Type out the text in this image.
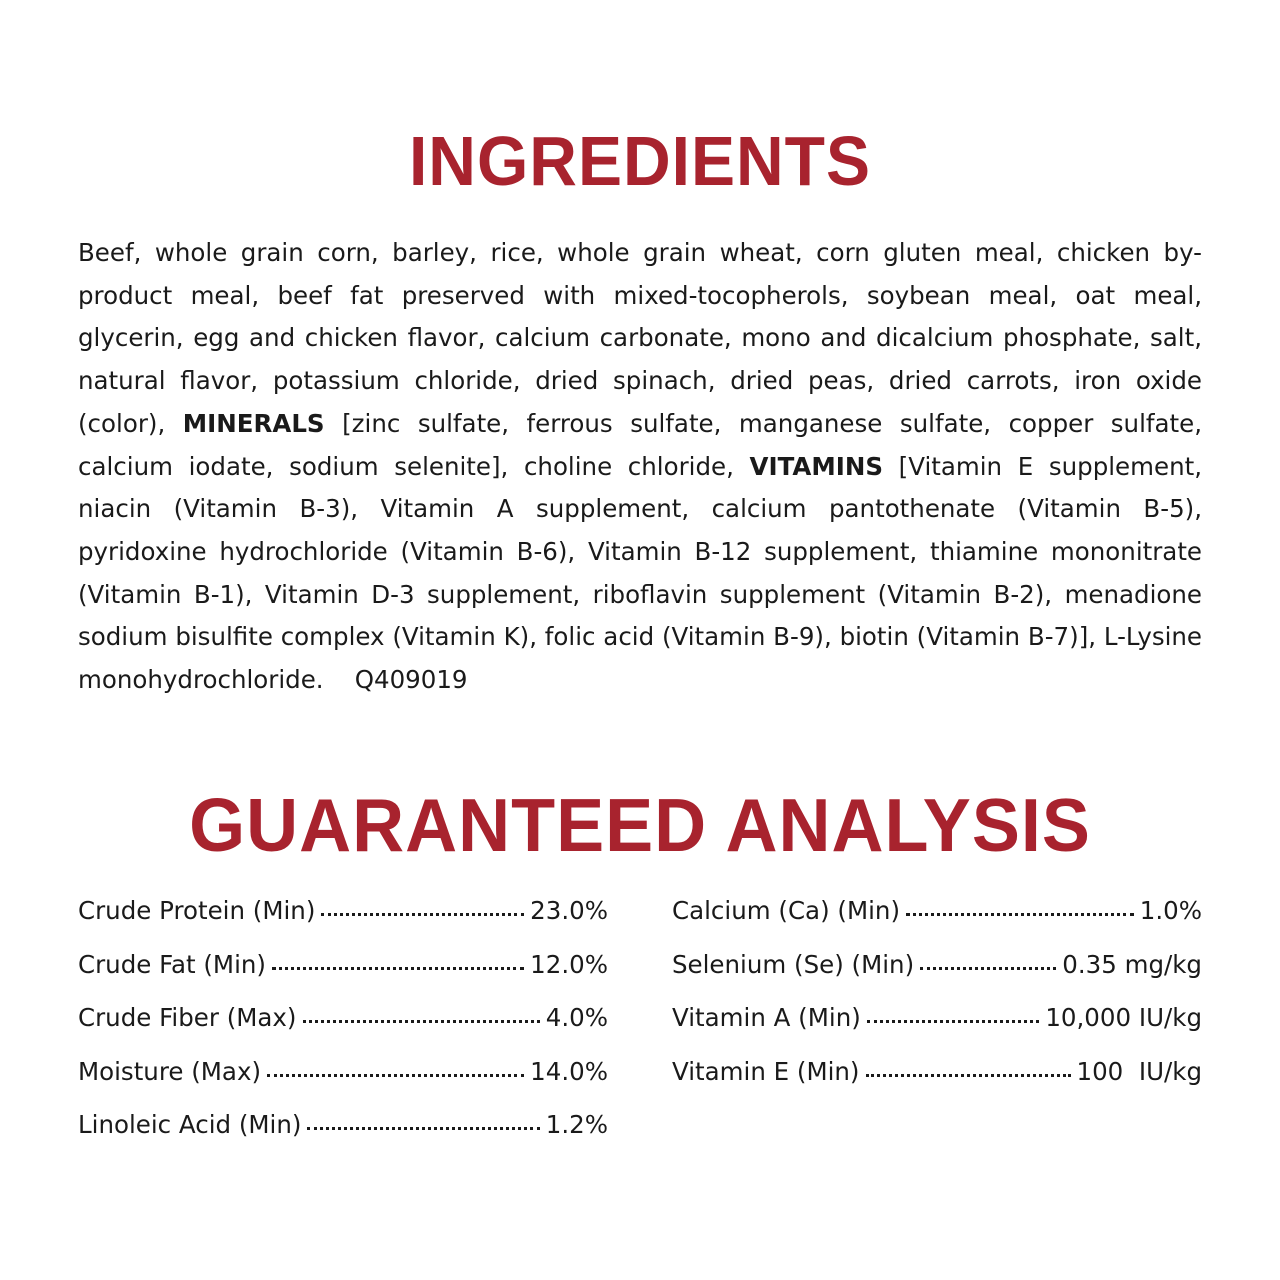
INGREDIENTS

Beef, whole grain corn, barley, rice, whole grain wheat, corn gluten meal, chicken by-product meal, beef fat preserved with mixed-tocopherols, soybean meal, oat meal, glycerin, egg and chicken flavor, calcium carbonate, mono and dicalcium phosphate, salt, natural flavor, potassium chloride, dried spinach, dried peas, dried carrots, iron oxide (color), MINERALS [zinc sulfate, ferrous sulfate, manganese sulfate, copper sulfate, calcium iodate, sodium selenite], choline chloride, VITAMINS [Vitamin E supplement, niacin (Vitamin B-3), Vitamin A supplement, calcium pantothenate (Vitamin B-5), pyridoxine hydrochloride (Vitamin B-6), Vitamin B-12 supplement, thiamine mononitrate (Vitamin B-1), Vitamin D-3 supplement, riboflavin supplement (Vitamin B-2), menadione sodium bisulfite complex (Vitamin K), folic acid (Vitamin B-9), biotin (Vitamin B-7)], L-Lysine monohydrochloride.    Q409019

GUARANTEED ANALYSIS
Crude Protein (Min)	23.0%
Crude Fat (Min)	12.0%
Crude Fiber (Max)	4.0%
Moisture (Max)	14.0%
Linoleic Acid (Min)	1.2%
Calcium (Ca) (Min)	1.0%
Selenium (Se) (Min)	0.35 mg/kg
Vitamin A (Min)	10,000 IU/kg
Vitamin E (Min)	100  IU/kg
